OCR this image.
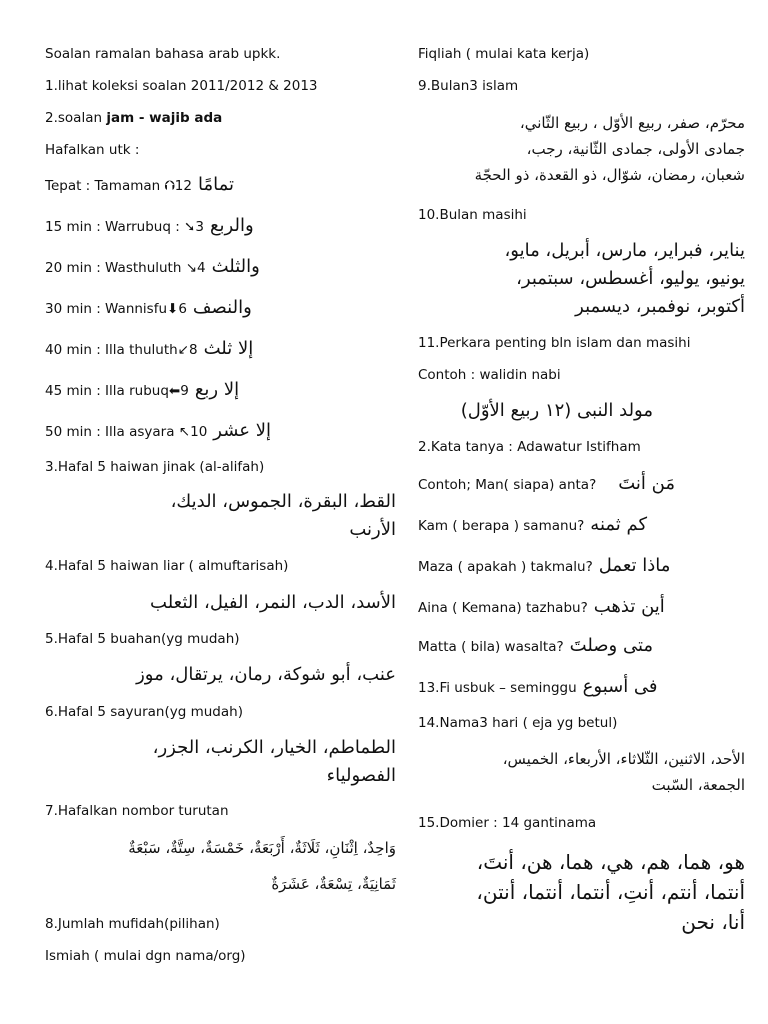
Soalan ramalan bahasa arab upkk.
1.lihat koleksi soalan 2011/2012 & 2013
2.soalan jam - wajib ada
Hafalkan utk :
Tepat : Tamaman ⮉12 تمامًا
15 min : Warrubuq : ➘3 والربع
20 min : Wasthuluth ↘4 والثلث
30 min : Wannisfu⬇6 والنصف
40 min : Illa thuluth↙8 إلا ثلث
45 min : Illa rubuq⬅9 إلا ربع
50 min : Illa asyara ↖10 إلا عشر
3.Hafal 5 haiwan jinak (al-alifah)
القط، البقرة، الجموس، الديك،
الأرنب
4.Hafal 5 haiwan liar ( almuftarisah)
الأسد، الدب، النمر، الفيل، الثعلب
5.Hafal 5 buahan(yg mudah)
عنب، أبو شوكة، رمان، يرتقال، موز
6.Hafal 5 sayuran(yg mudah)
الطماطم، الخيار، الكرنب، الجزر،
الفصولياء
7.Hafalkan nombor turutan
وَاحِدٌ، اِثْنَانِ، ثَلَاثَةٌ، أَرْبَعَةٌ، خَمْسَةٌ، سِتَّةٌ، سَبْعَةٌ
ثَمَانِيَةٌ، تِسْعَةٌ، عَشَرَةٌ
8.Jumlah mufidah(pilihan)
Ismiah ( mulai dgn nama/org)
Fiqliah ( mulai kata kerja)
9.Bulan3 islam
محرّم، صفر، ربيع الأوّل ، ربيع الثّاني،
جمادى الأولى، جمادى الثّانية، رجب،
شعبان، رمضان، شوّال، ذو القعدة، ذو الحجّة
10.Bulan masihi
يناير، فبراير، مارس، أبريل، مايو،
يونيو، يوليو، أغسطس، سبتمبر،
أكتوبر، نوفمبر، ديسمبر
11.Perkara penting bln islam dan masihi
Contoh : walidin nabi
مولد النبى (١٢ ربيع الأوّل)
2.Kata tanya : Adawatur Istifham
Contoh; Man( siapa) anta? مَن أنتَ
Kam ( berapa ) samanu? كم ثمنه
Maza ( apakah ) takmalu? ماذا تعمل
Aina ( Kemana) tazhabu? أين تذهب
Matta ( bila) wasalta? متى وصلتَ
13.Fi usbuk – seminggu فى أسبوع
14.Nama3 hari ( eja yg betul)
الأحد، الاثنين، الثّلاثاء، الأربعاء، الخميس،
الجمعة، السّبت
15.Domier : 14 gantinama
هو، هما، هم، هي، هما، هن، أنتَ،
أنتما، أنتم، أنتِ، أنتما، أنتما، أنتن،
أنا، نحن
